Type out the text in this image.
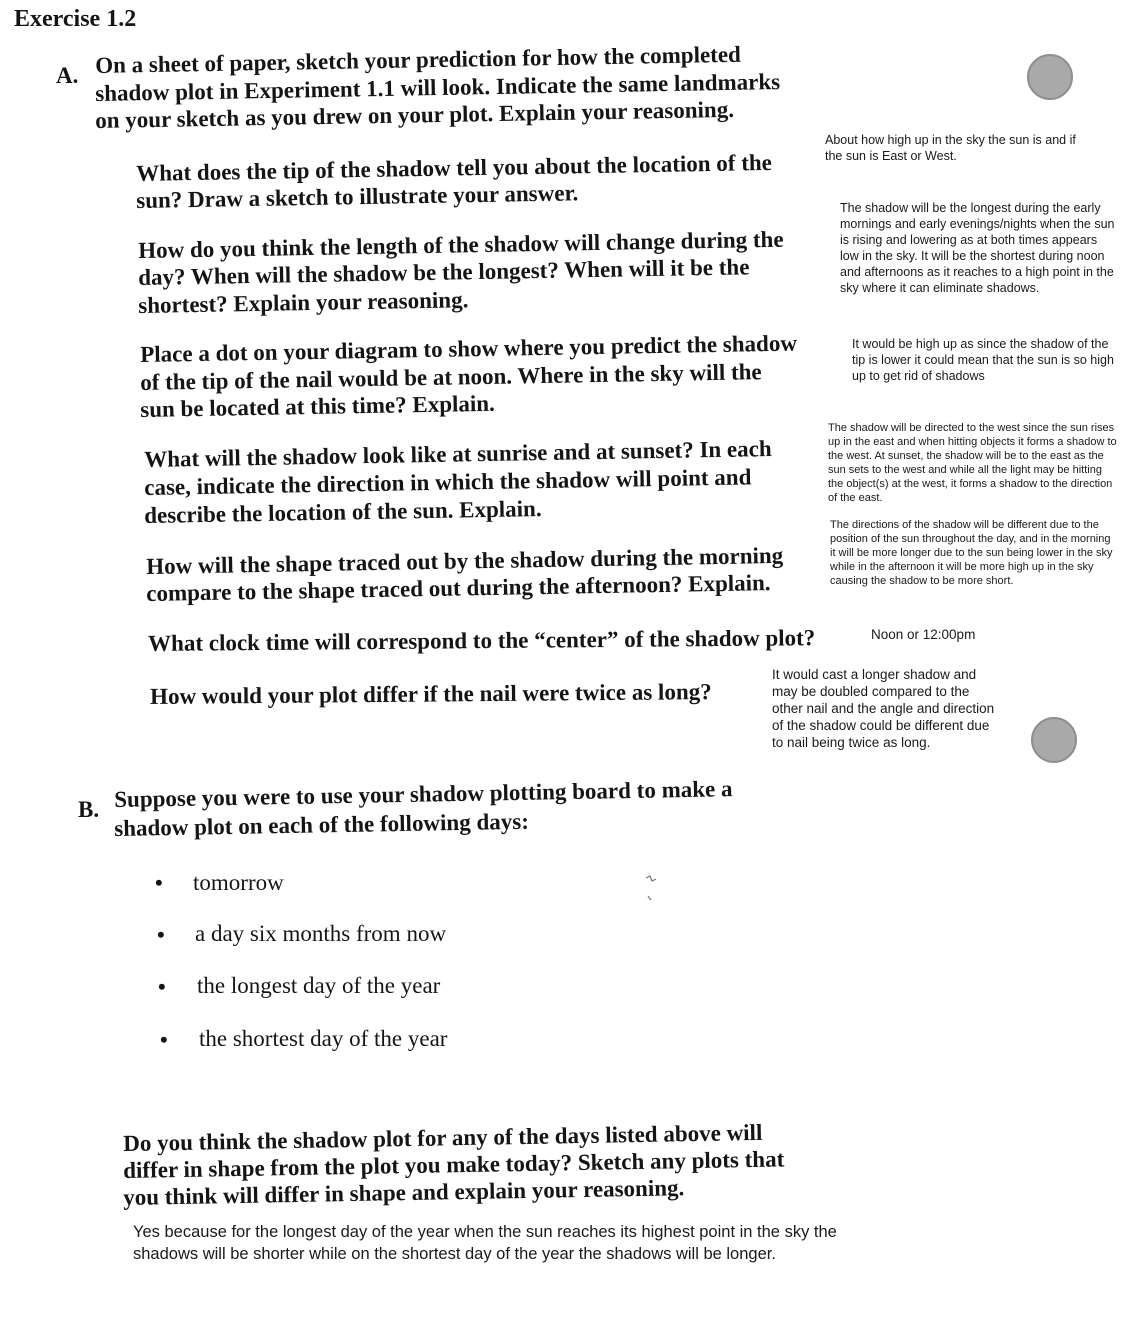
Exercise 1.2
A. On a sheet of paper, sketch your prediction for how the completed
shadow plot in Experiment 1.1 will look. Indicate the same landmarks
on your sketch as you drew on your plot. Explain your reasoning.
What does the tip of the shadow tell you about the location of the
sun? Draw a sketch to illustrate your answer.
About how high up in the sky the sun is and if the sun is East or West.
How do you think the length of the shadow will change during the
day? When will the shadow be the longest? When will it be the
shortest? Explain your reasoning.
The shadow will be the longest during the early mornings and early evenings/nights when the sun is rising and lowering as at both times appears low in the sky. It will be the shortest during noon and afternoons as it reaches to a high point in the sky where it can eliminate shadows.
Place a dot on your diagram to show where you predict the shadow
of the tip of the nail would be at noon. Where in the sky will the
sun be located at this time? Explain.
It would be high up as since the shadow of the tip is lower it could mean that the sun is so high up to get rid of shadows
What will the shadow look like at sunrise and at sunset? In each
case, indicate the direction in which the shadow will point and
describe the location of the sun. Explain.
The shadow will be directed to the west since the sun rises up in the east and when hitting objects it forms a shadow to the west. At sunset, the shadow will be to the east as the sun sets to the west and while all the light may be hitting the object(s) at the west, it forms a shadow to the direction of the east.
How will the shape traced out by the shadow during the morning
compare to the shape traced out during the afternoon? Explain.
The directions of the shadow will be different due to the position of the sun throughout the day, and in the morning it will be more longer due to the sun being lower in the sky while in the afternoon it will be more high up in the sky causing the shadow to be more short.
What clock time will correspond to the “center” of the shadow plot?	Noon or 12:00pm
How would your plot differ if the nail were twice as long?
It would cast a longer shadow and may be doubled compared to the other nail and the angle and direction of the shadow could be different due to nail being twice as long.
B. Suppose you were to use your shadow plotting board to make a
shadow plot on each of the following days:
• tomorrow
• a day six months from now
• the longest day of the year
• the shortest day of the year
Do you think the shadow plot for any of the days listed above will
differ in shape from the plot you make today? Sketch any plots that
you think will differ in shape and explain your reasoning.
Yes because for the longest day of the year when the sun reaches its highest point in the sky the shadows will be shorter while on the shortest day of the year the shadows will be longer.
